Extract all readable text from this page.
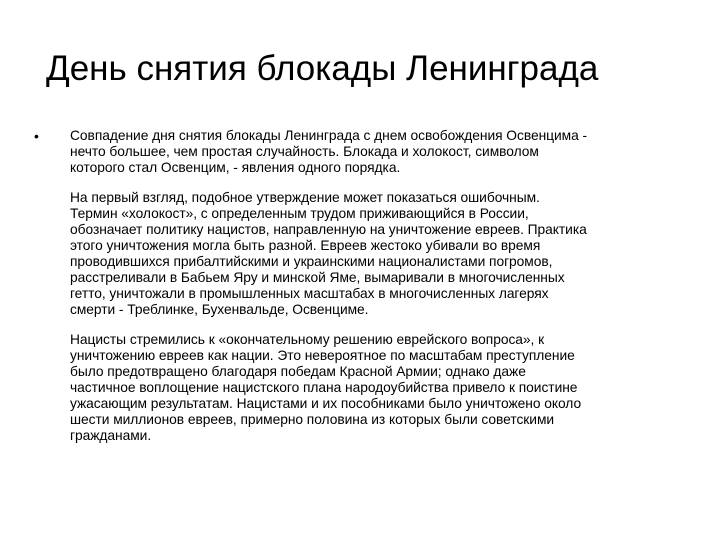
День снятия блокады Ленинграда
•	Совпадение дня снятия блокады Ленинграда с днем освобождения Освенцима -
нечто большее, чем простая случайность. Блокада и холокост, символом
которого стал Освенцим, - явления одного порядка.

На первый взгляд, подобное утверждение может показаться ошибочным.
Термин «холокост», с определенным трудом приживающийся в России,
обозначает политику нацистов, направленную на уничтожение евреев. Практика
этого уничтожения могла быть разной. Евреев жестоко убивали во время
проводившихся прибалтийскими и украинскими националистами погромов,
расстреливали в Бабьем Яру и минской Яме, вымаривали в многочисленных
гетто, уничтожали в промышленных масштабах в многочисленных лагерях
смерти - Треблинке, Бухенвальде, Освенциме.

Нацисты стремились к «окончательному решению еврейского вопроса», к
уничтожению евреев как нации. Это невероятное по масштабам преступление
было предотвращено благодаря победам Красной Армии; однако даже
частичное воплощение нацистского плана народоубийства привело к поистине
ужасающим результатам. Нацистами и их пособниками было уничтожено около
шести миллионов евреев, примерно половина из которых были советскими
гражданами.
